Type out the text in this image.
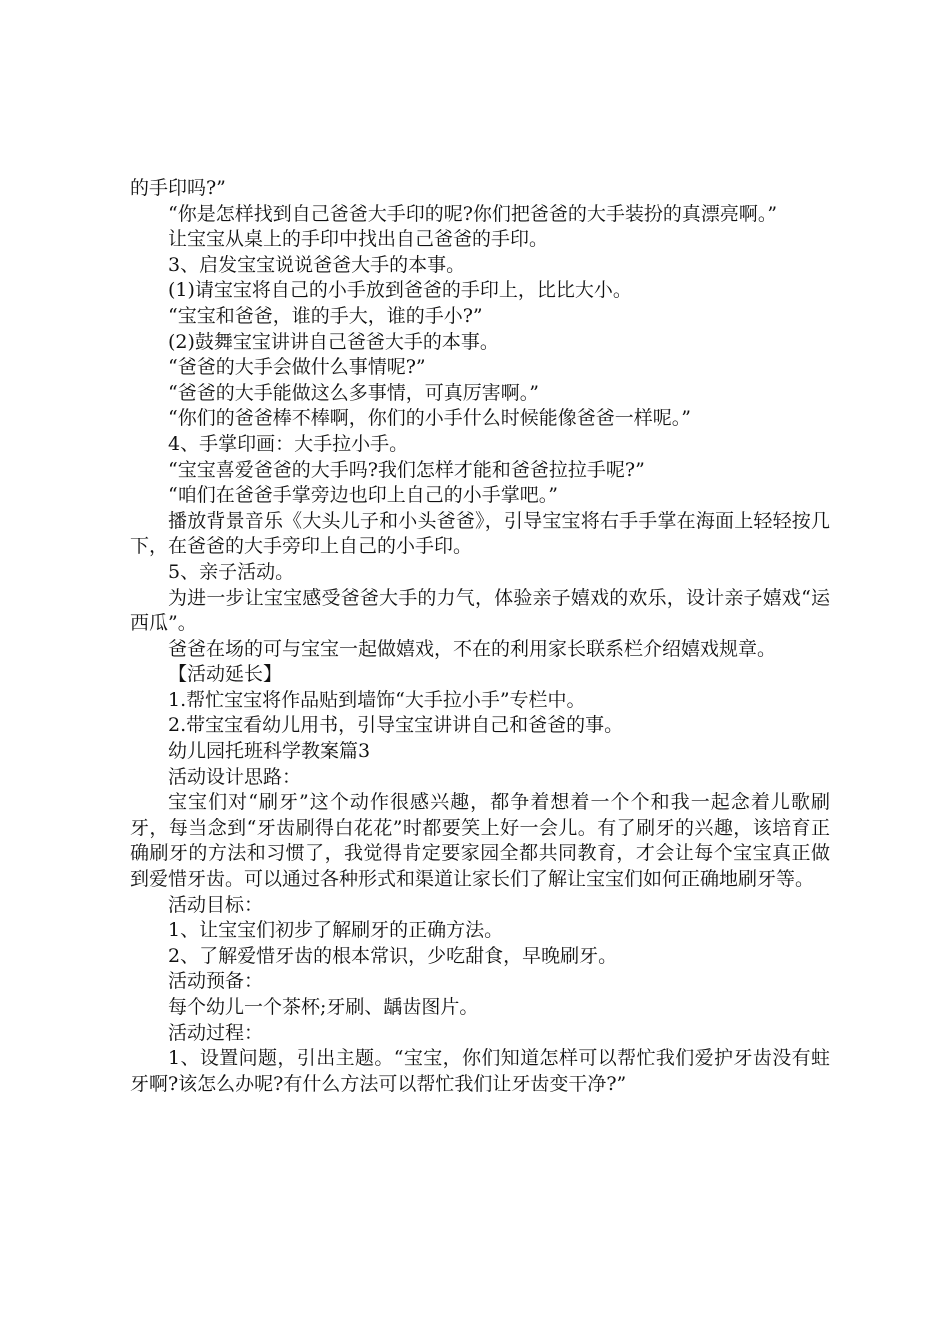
的手印吗?”

“你是怎样找到自己爸爸大手印的呢?你们把爸爸的大手装扮的真漂亮啊。”

让宝宝从桌上的手印中找出自己爸爸的手印。

3、启发宝宝说说爸爸大手的本事。

(1)请宝宝将自己的小手放到爸爸的手印上，比比大小。

“宝宝和爸爸，谁的手大，谁的手小?”

(2)鼓舞宝宝讲讲自己爸爸大手的本事。

“爸爸的大手会做什么事情呢?”

“爸爸的大手能做这么多事情，可真厉害啊。”

“你们的爸爸棒不棒啊，你们的小手什么时候能像爸爸一样呢。”

4、手掌印画：大手拉小手。

“宝宝喜爱爸爸的大手吗?我们怎样才能和爸爸拉拉手呢?”

“咱们在爸爸手掌旁边也印上自己的小手掌吧。”

播放背景音乐《大头儿子和小头爸爸》，引导宝宝将右手手掌在海面上轻轻按几下，在爸爸的大手旁印上自己的小手印。

5、亲子活动。

为进一步让宝宝感受爸爸大手的力气，体验亲子嬉戏的欢乐，设计亲子嬉戏“运西瓜”。

爸爸在场的可与宝宝一起做嬉戏，不在的利用家长联系栏介绍嬉戏规章。

【活动延长】

1.帮忙宝宝将作品贴到墙饰“大手拉小手”专栏中。

2.带宝宝看幼儿用书，引导宝宝讲讲自己和爸爸的事。

幼儿园托班科学教案篇3

活动设计思路：

宝宝们对“刷牙”这个动作很感兴趣，都争着想着一个个和我一起念着儿歌刷牙，每当念到“牙齿刷得白花花”时都要笑上好一会儿。有了刷牙的兴趣，该培育正确刷牙的方法和习惯了，我觉得肯定要家园全都共同教育，才会让每个宝宝真正做到爱惜牙齿。可以通过各种形式和渠道让家长们了解让宝宝们如何正确地刷牙等。

活动目标：

1、让宝宝们初步了解刷牙的正确方法。

2、了解爱惜牙齿的根本常识，少吃甜食，早晚刷牙。

活动预备：

每个幼儿一个茶杯;牙刷、龋齿图片。

活动过程：

1、设置问题，引出主题。“宝宝，你们知道怎样可以帮忙我们爱护牙齿没有蛀牙啊?该怎么办呢?有什么方法可以帮忙我们让牙齿变干净?”
